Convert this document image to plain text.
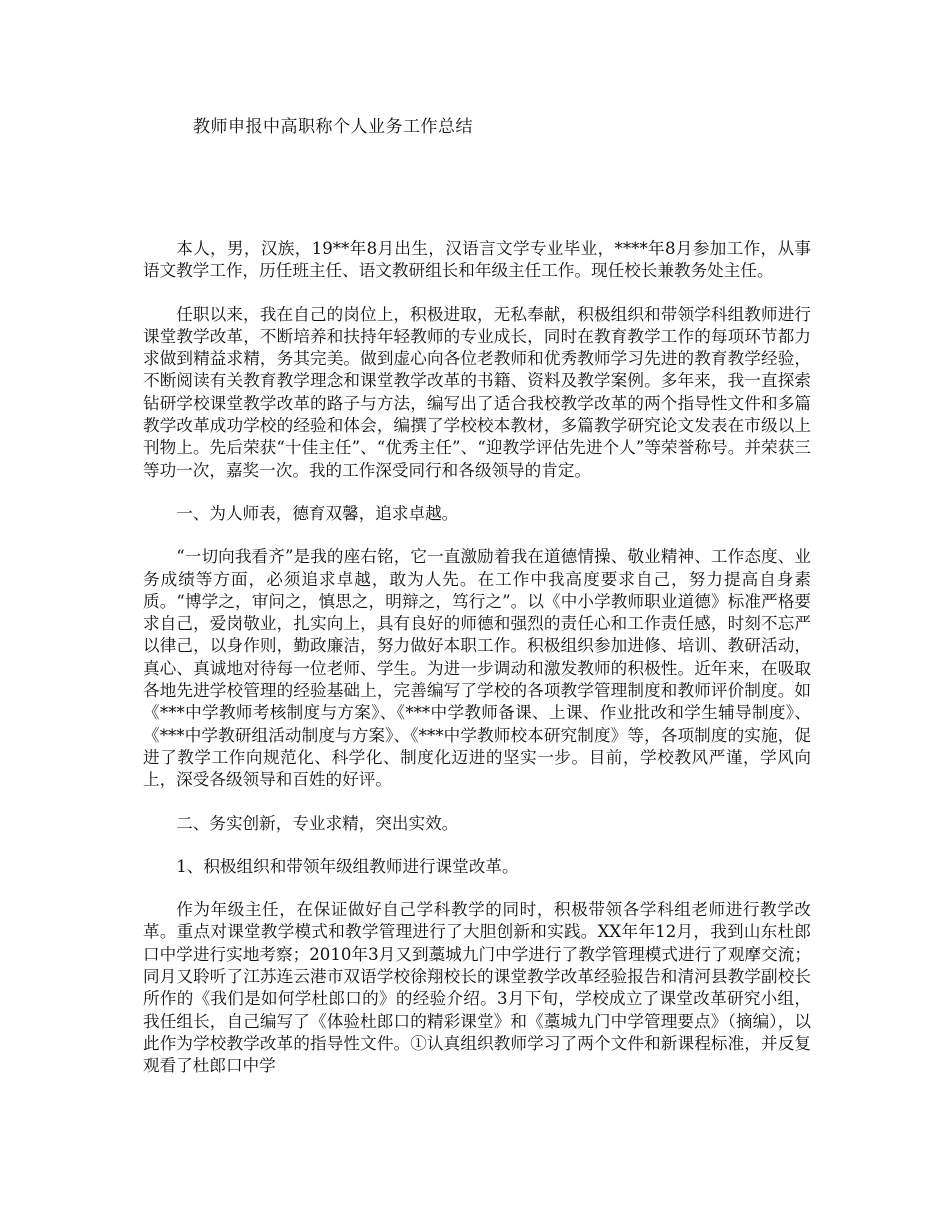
教师申报中高职称个人业务工作总结

本人，男，汉族，19**年8月出生，汉语言文学专业毕业，****年8月参加工作，从事语文教学工作，历任班主任、语文教研组长和年级主任工作。现任校长兼教务处主任。

任职以来，我在自己的岗位上，积极进取，无私奉献，积极组织和带领学科组教师进行课堂教学改革，不断培养和扶持年轻教师的专业成长，同时在教育教学工作的每项环节都力求做到精益求精，务其完美。做到虚心向各位老教师和优秀教师学习先进的教育教学经验，不断阅读有关教育教学理念和课堂教学改革的书籍、资料及教学案例。多年来，我一直探索钻研学校课堂教学改革的路子与方法，编写出了适合我校教学改革的两个指导性文件和多篇教学改革成功学校的经验和体会，编撰了学校校本教材，多篇教学研究论文发表在市级以上刊物上。先后荣获“十佳主任”、“优秀主任”、“迎教学评估先进个人”等荣誉称号。并荣获三等功一次，嘉奖一次。我的工作深受同行和各级领导的肯定。

一、为人师表，德育双馨，追求卓越。

“一切向我看齐”是我的座右铭，它一直激励着我在道德情操、敬业精神、工作态度、业务成绩等方面，必须追求卓越，敢为人先。在工作中我高度要求自己，努力提高自身素质。“博学之，审问之，慎思之，明辩之，笃行之”。以《中小学教师职业道德》标准严格要求自己，爱岗敬业，扎实向上，具有良好的师德和强烈的责任心和工作责任感，时刻不忘严以律己，以身作则，勤政廉洁，努力做好本职工作。积极组织参加进修、培训、教研活动，真心、真诚地对待每一位老师、学生。为进一步调动和激发教师的积极性。近年来，在吸取各地先进学校管理的经验基础上，完善编写了学校的各项教学管理制度和教师评价制度。如《***中学教师考核制度与方案》、《***中学教师备课、上课、作业批改和学生辅导制度》、《***中学教研组活动制度与方案》、《***中学教师校本研究制度》等，各项制度的实施，促进了教学工作向规范化、科学化、制度化迈进的坚实一步。目前，学校教风严谨，学风向上，深受各级领导和百姓的好评。

二、务实创新，专业求精，突出实效。

1、积极组织和带领年级组教师进行课堂改革。

作为年级主任，在保证做好自己学科教学的同时，积极带领各学科组老师进行教学改革。重点对课堂教学模式和教学管理进行了大胆创新和实践。XX年年12月，我到山东杜郎口中学进行实地考察；2010年3月又到藁城九门中学进行了教学管理模式进行了观摩交流；同月又聆听了江苏连云港市双语学校徐翔校长的课堂教学改革经验报告和清河县教学副校长所作的《我们是如何学杜郎口的》的经验介绍。3月下旬，学校成立了课堂改革研究小组，我任组长，自己编写了《体验杜郎口的精彩课堂》和《藁城九门中学管理要点》（摘编），以此作为学校教学改革的指导性文件。①认真组织教师学习了两个文件和新课程标准，并反复观看了杜郎口中学
